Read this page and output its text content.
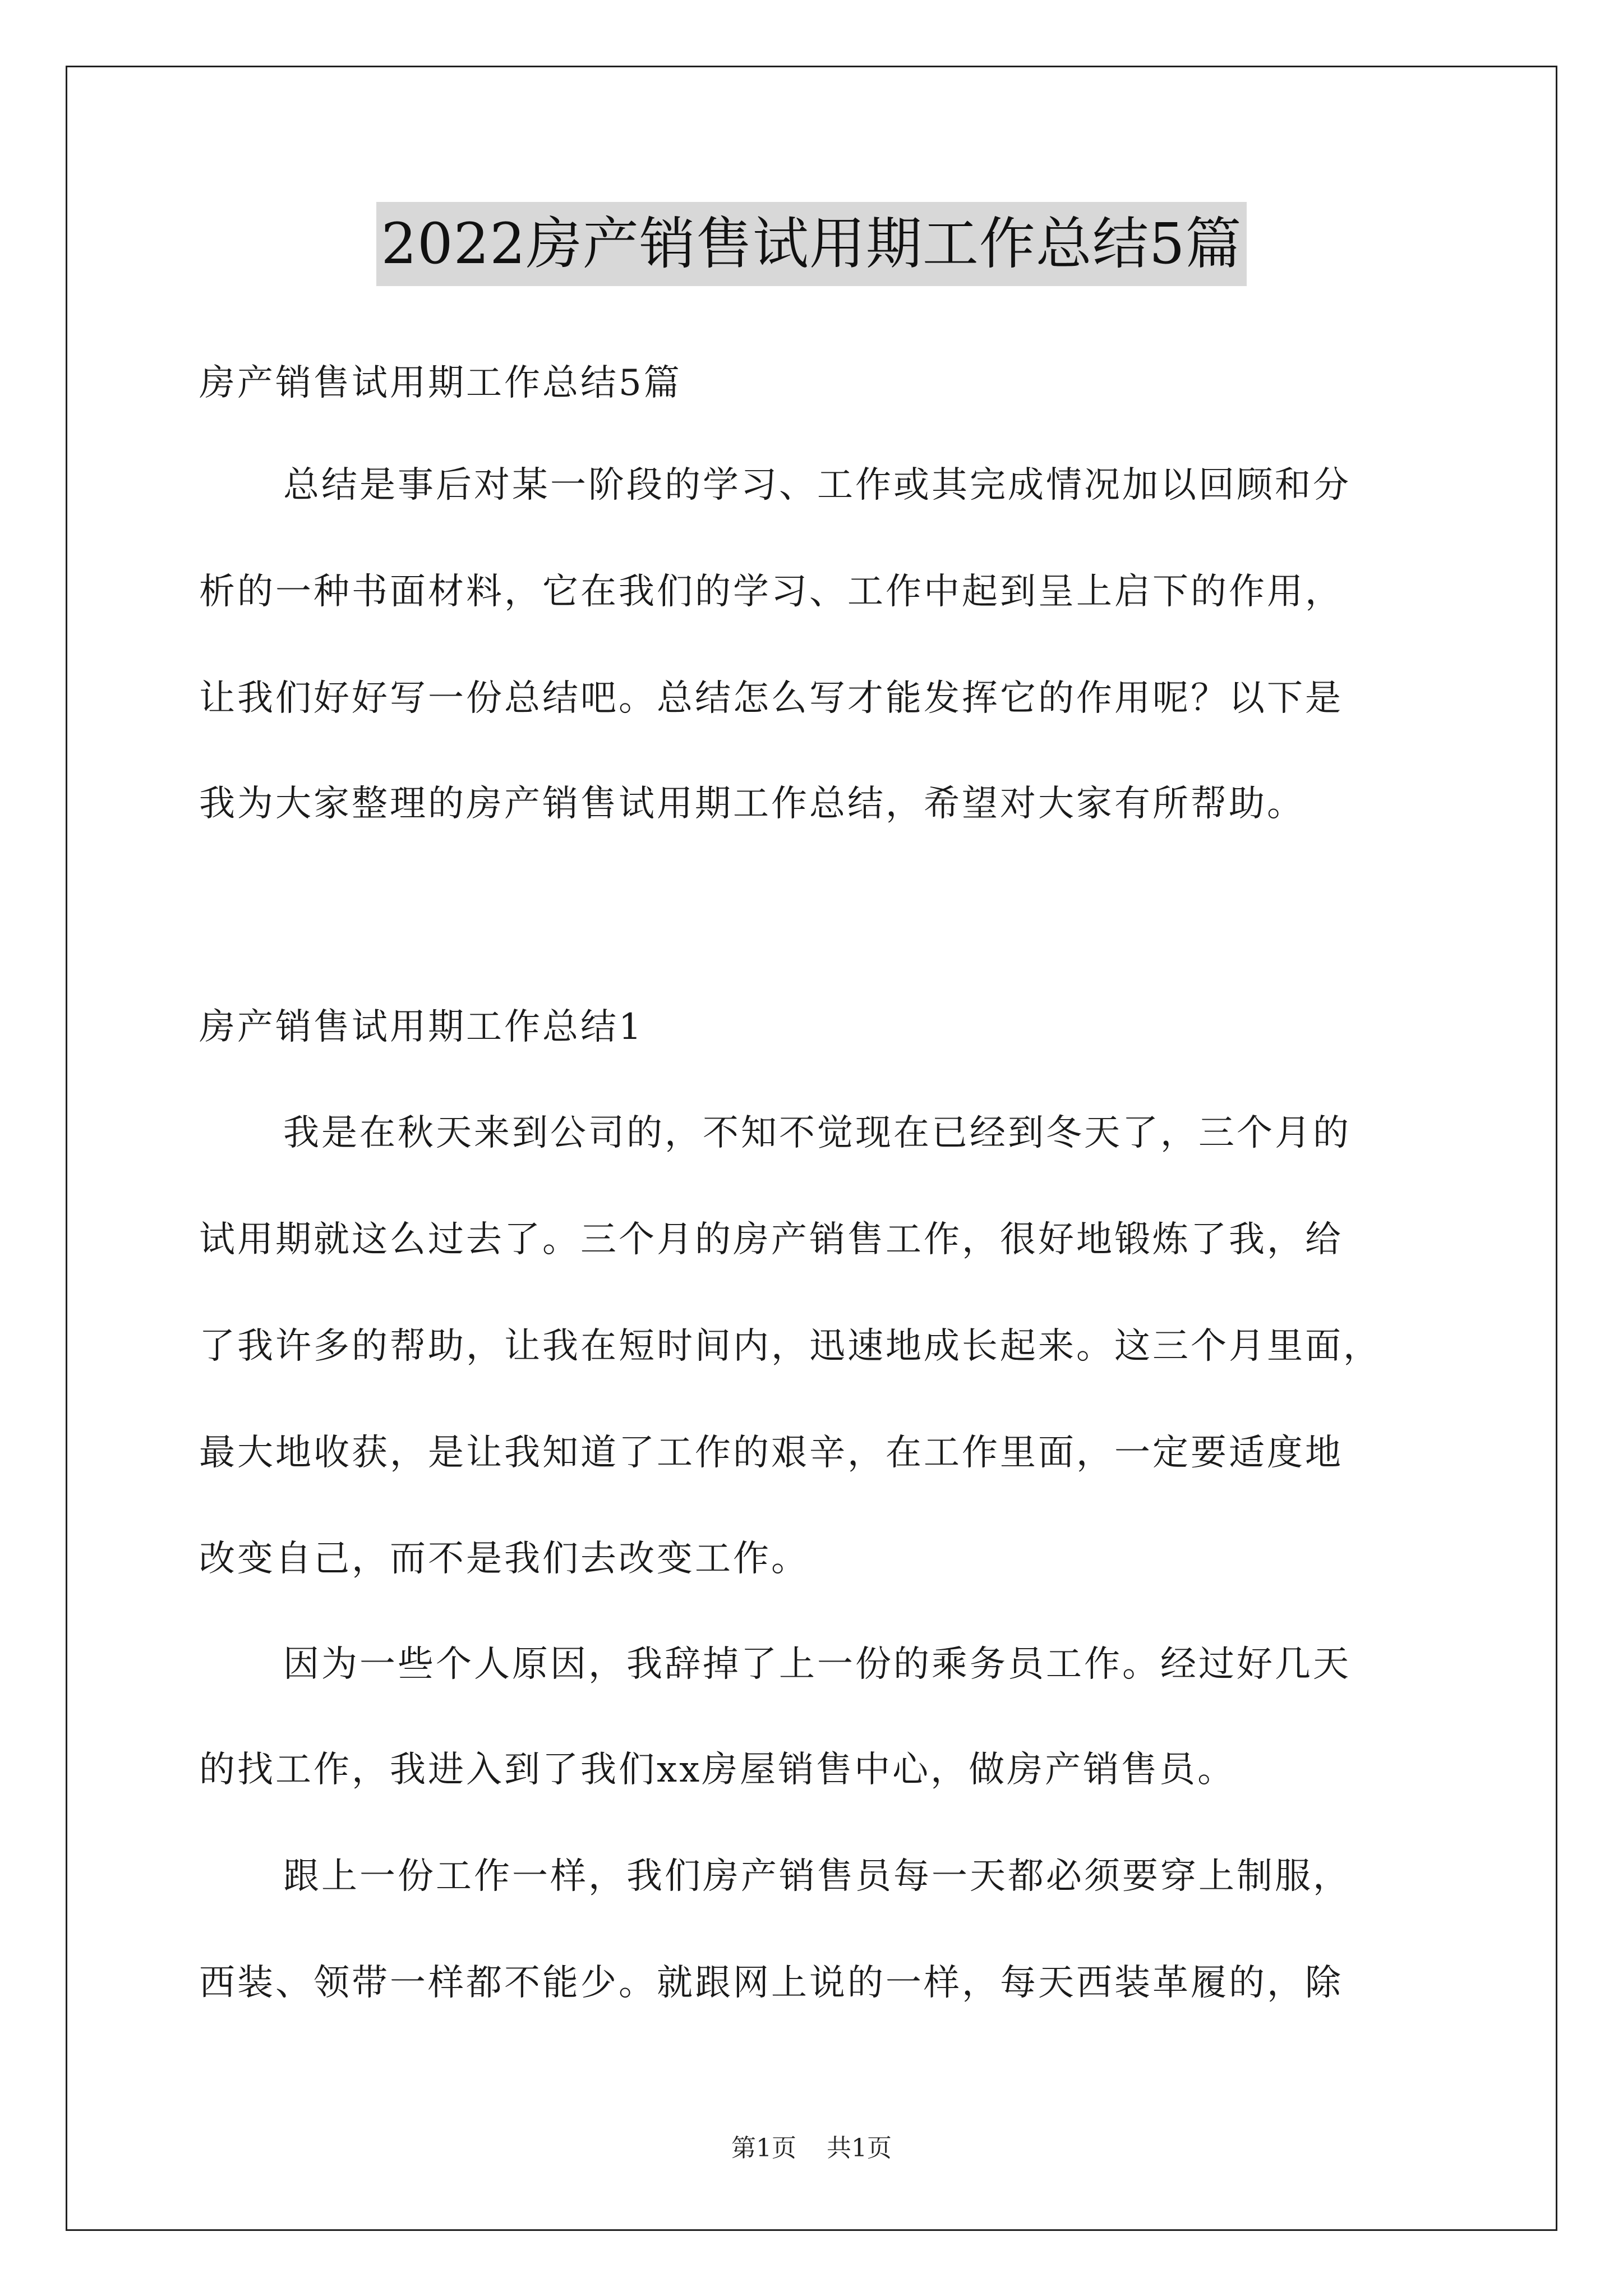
2022房产销售试用期工作总结5篇
房产销售试用期工作总结5篇
总结是事后对某一阶段的学习、工作或其完成情况加以回顾和分
析的一种书面材料，它在我们的学习、工作中起到呈上启下的作用，
让我们好好写一份总结吧。总结怎么写才能发挥它的作用呢？以下是
我为大家整理的房产销售试用期工作总结，希望对大家有所帮助。
房产销售试用期工作总结1
我是在秋天来到公司的，不知不觉现在已经到冬天了，三个月的
试用期就这么过去了。三个月的房产销售工作，很好地锻炼了我，给
了我许多的帮助，让我在短时间内，迅速地成长起来。这三个月里面，
最大地收获，是让我知道了工作的艰辛，在工作里面，一定要适度地
改变自己，而不是我们去改变工作。
因为一些个人原因，我辞掉了上一份的乘务员工作。经过好几天
的找工作，我进入到了我们xx房屋销售中心，做房产销售员。
跟上一份工作一样，我们房产销售员每一天都必须要穿上制服，
西装、领带一样都不能少。就跟网上说的一样，每天西装革履的，除
第1页 共1页
